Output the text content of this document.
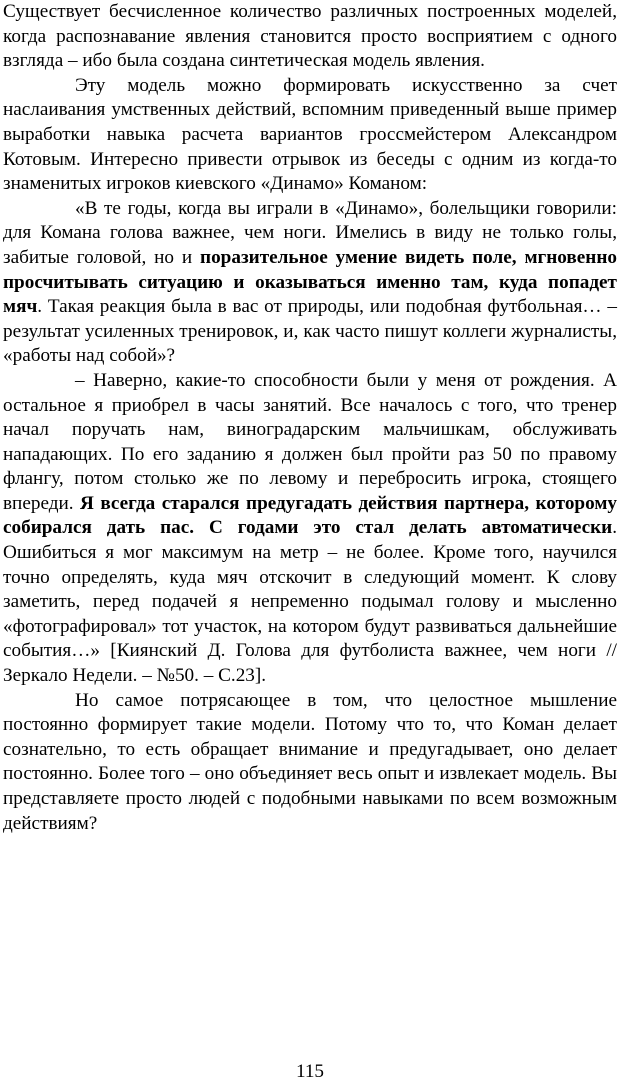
Существует бесчисленное количество различных построенных моделей, когда распознавание явления становится просто восприятием с одного взгляда – ибо была создана синтетическая модель явления.

Эту модель можно формировать искусственно за счет наслаивания умственных действий, вспомним приведенный выше пример выработки навыка расчета вариантов гроссмейстером Александром Котовым. Интересно привести отрывок из беседы с одним из когда-то знаменитых игроков киевского «Динамо» Команом:

«В те годы, когда вы играли в «Динамо», болельщики говорили: для Комана голова важнее, чем ноги. Имелись в виду не только голы, забитые головой, но и поразительное умение видеть поле, мгновенно просчитывать ситуацию и оказываться именно там, куда попадет мяч. Такая реакция была в вас от природы, или подобная футбольная… – результат усиленных тренировок, и, как часто пишут коллеги журналисты, «работы над собой»?

– Наверно, какие-то способности были у меня от рождения. А остальное я приобрел в часы занятий. Все началось с того, что тренер начал поручать нам, виноградарским мальчишкам, обслуживать нападающих. По его заданию я должен был пройти раз 50 по правому флангу, потом столько же по левому и перебросить игрока, стоящего впереди. Я всегда старался предугадать действия партнера, которому собирался дать пас. С годами это стал делать автоматически. Ошибиться я мог максимум на метр – не более. Кроме того, научился точно определять, куда мяч отскочит в следующий момент. К слову заметить, перед подачей я непременно подымал голову и мысленно «фотографировал» тот участок, на котором будут развиваться дальнейшие события…» [Киянский Д. Голова для футболиста важнее, чем ноги // Зеркало Недели. – №50. – С.23].

Но самое потрясающее в том, что целостное мышление постоянно формирует такие модели. Потому что то, что Коман делает сознательно, то есть обращает внимание и предугадывает, оно делает постоянно. Более того – оно объединяет весь опыт и извлекает модель. Вы представляете просто людей с подобными навыками по всем возможным действиям?

115
